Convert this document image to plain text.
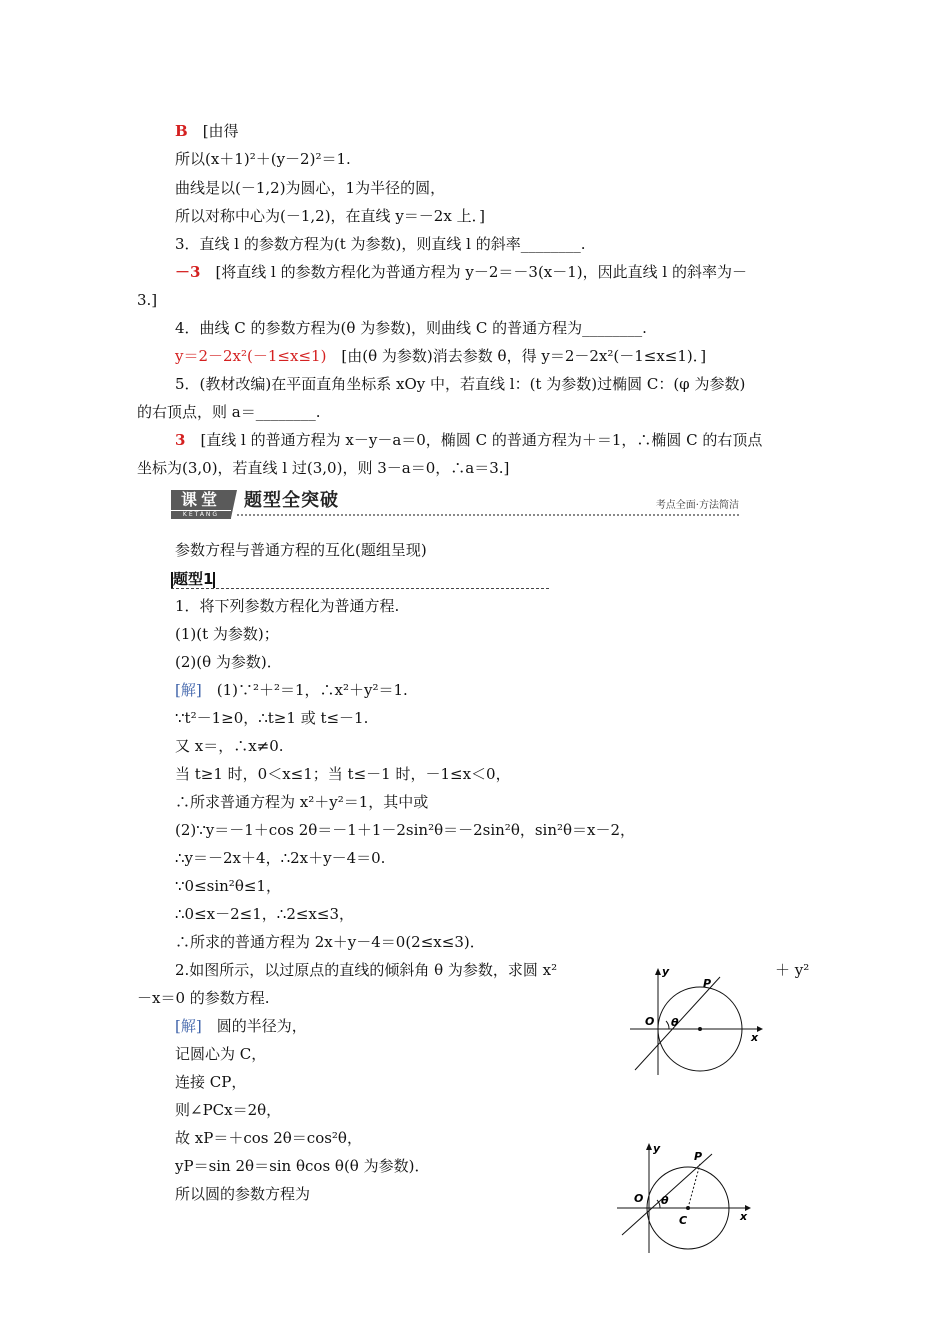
B　[由得
所以(x＋1)²＋(y－2)²＝1.
曲线是以(－1,2)为圆心，1为半径的圆，
所以对称中心为(－1,2)，在直线 y＝－2x 上．]
3．直线 l 的参数方程为(t 为参数)，则直线 l 的斜率________.
－3　[将直线 l 的参数方程化为普通方程为 y－2＝－3(x－1)，因此直线 l 的斜率为－
3.]
4．曲线 C 的参数方程为(θ 为参数)，则曲线 C 的普通方程为________.
y＝2－2x²(－1≤x≤1)　[由(θ 为参数)消去参数 θ，得 y＝2－2x²(－1≤x≤1)．]
5．(教材改编)在平面直角坐标系 xOy 中，若直线 l：(t 为参数)过椭圆 C：(φ 为参数)
的右顶点，则 a＝________.
3　[直线 l 的普通方程为 x－y－a＝0，椭圆 C 的普通方程为＋＝1，∴椭圆 C 的右顶点
坐标为(3,0)，若直线 l 过(3,0)，则 3－a＝0，∴a＝3.]
参数方程与普通方程的互化(题组呈现)
1．将下列参数方程化为普通方程.
(1)(t 为参数)；
(2)(θ 为参数)．
[解]　(1)∵²＋²＝1，∴x²＋y²＝1.
∵t²－1≥0，∴t≥1 或 t≤－1.
又 x＝，∴x≠0.
当 t≥1 时，0＜x≤1；当 t≤－1 时，－1≤x＜0，
∴所求普通方程为 x²＋y²＝1，其中或
(2)∵y＝－1＋cos 2θ＝－1＋1－2sin²θ＝－2sin²θ，sin²θ＝x－2，
∴y＝－2x＋4，∴2x＋y－4＝0.
∵0≤sin²θ≤1，
∴0≤x－2≤1，∴2≤x≤3，
∴所求的普通方程为 2x＋y－4＝0(2≤x≤3)．
2.如图所示，以过原点的直线的倾斜角 θ 为参数，求圆 x²	＋ y²
－x＝0 的参数方程.
[解]　圆的半径为，
记圆心为 C，
连接 CP，
则∠PCx＝2θ，
故 xP＝＋cos 2θ＝cos²θ，
yP＝sin 2θ＝sin θcos θ(θ 为参数)．
所以圆的参数方程为
课堂
KETANG
题型全突破	考点全面·方法简洁
题型1
y
P
O θ
x
y
P
O θ
C	x
